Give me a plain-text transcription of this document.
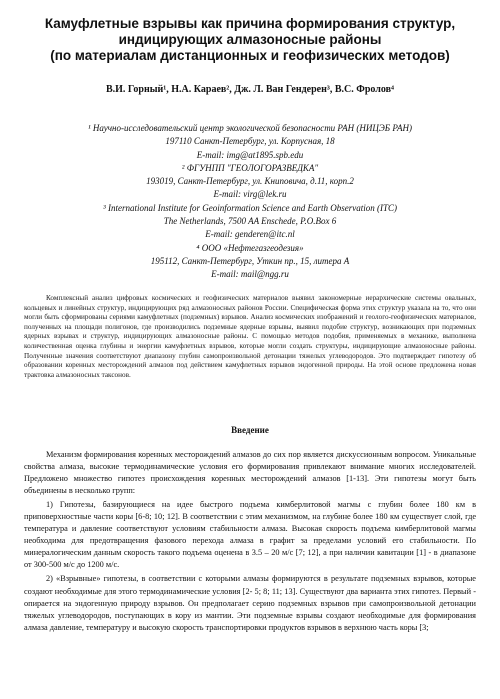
Камуфлетные взрывы как причина формирования структур,
индицирующих алмазоносные районы
(по материалам дистанционных и геофизических методов)
В.И. Горный¹, Н.А. Караев², Дж. Л. Ван Гендерен³, В.С. Фролов⁴
¹ Научно-исследовательский центр экологической безопасности РАН (НИЦЭБ РАН)
197110 Санкт-Петербург, ул. Корпусная, 18
E-mail: img@at1895.spb.edu
² ФГУНПП "ГЕОЛОГОРАЗВЕДКА"
193019, Санкт-Петербург, ул. Книповича, д.11, корп.2
E-mail: virg@lek.ru
³ International Institute for Geoinformation Science and Earth Observation (ITC)
The Netherlands, 7500 AA Enschede, P.O.Box 6
E-mail: genderen@itc.nl
⁴ ООО «Нефтегазгеодезия»
195112, Санкт-Петербург, Уткин пр., 15, литера А
E-mail: mail@ngg.ru

Комплексный анализ цифровых космических и геофизических материалов выявил закономерные иерархические системы овальных, кольцевых и линейных структур, индицирующих ряд алмазоносных районов России. Специфическая форма этих структур указала на то, что они могли быть сформированы сериями камуфлетных (подземных) взрывов. Анализ космических изображений и геолого-геофизических материалов, полученных на площади полигонов, где производились подземные ядерные взрывы, выявил подобие структур, возникающих при подземных ядерных взрывах и структур, индицирующих алмазоносные районы. С помощью методов подобия, применяемых в механике, выполнена количественная оценка глубины и энергии камуфлетных взрывов, которые могли создать структуры, индицирующие алмазоносные районы. Полученные значения соответствуют диапазону глубин самопроизвольной детонации тяжелых углеводородов. Это подтверждает гипотезу об образовании коренных месторождений алмазов под действием камуфлетных взрывов эндогенной природы. На этой основе предложена новая трактовка алмазоносных таксонов.

Введение

Механизм формирования коренных месторождений алмазов до сих пор является дискуссионным вопросом. Уникальные свойства алмаза, высокие термодинамические условия его формирования привлекают внимание многих исследователей. Предложено множество гипотез происхождения коренных месторождений алмазов [1-13]. Эти гипотезы могут быть объединены в несколько групп:

1) Гипотезы, базирующиеся на идее быстрого подъема кимберлитовой магмы с глубин более 180 км в приповерхностные части коры [6-8; 10; 12]. В соответствии с этим механизмом, на глубине более 180 км существует слой, где температура и давление соответствуют условиям стабильности алмаза. Высокая скорость подъема кимберлитовой магмы необходима для предотвращения фазового перехода алмаза в графит за пределами условий его стабильности. По минералогическим данным скорость такого подъема оценена в 3.5 – 20 м/с [7; 12], а при наличии кавитации [1] - в диапазоне от 300-500 м/с до 1200 м/с.

2) «Взрывные» гипотезы, в соответствии с которыми алмазы формируются в результате подземных взрывов, которые создают необходимые для этого термодинамические условия [2- 5; 8; 11; 13]. Существуют два варианта этих гипотез. Первый - опирается на эндогенную природу взрывов. Он предполагает серию подземных взрывов при самопроизвольной детонации тяжелых углеводородов, поступающих в кору из мантии. Эти подземные взрывы создают необходимые для формирования алмаза давление, температуру и высокую скорость транспортировки продуктов взрывов в верхнюю часть коры [3;
